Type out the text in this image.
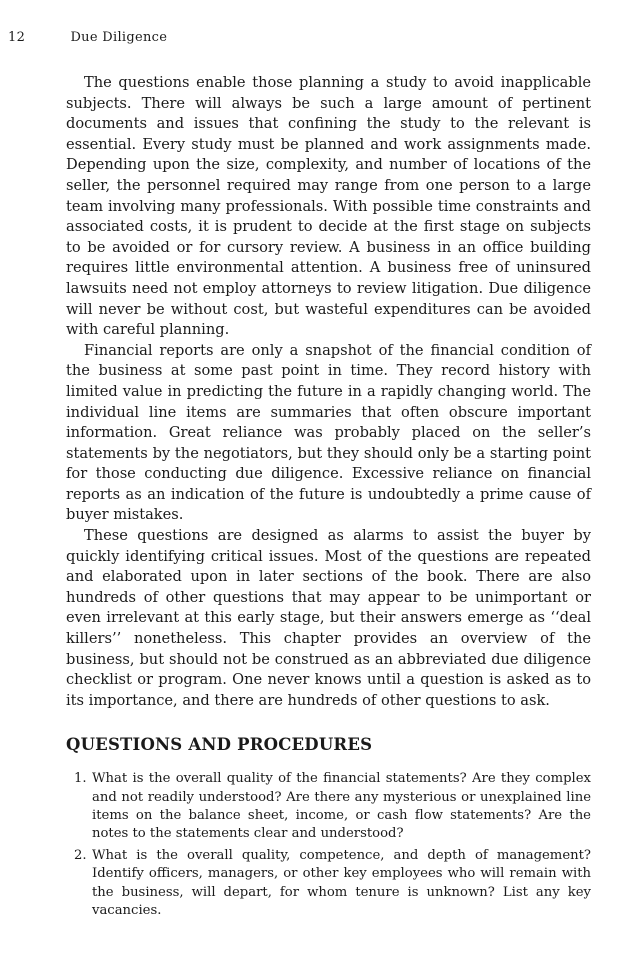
12	Due Diligence

The questions enable those planning a study to avoid inapplicable subjects. There will always be such a large amount of pertinent documents and issues that confining the study to the relevant is essential. Every study must be planned and work assignments made. Depending upon the size, complexity, and number of locations of the seller, the personnel required may range from one person to a large team involving many professionals. With possible time constraints and associated costs, it is prudent to decide at the first stage on subjects to be avoided or for cursory review. A business in an office building requires little environmental attention. A business free of uninsured lawsuits need not employ attorneys to review litigation. Due diligence will never be without cost, but wasteful expenditures can be avoided with careful planning.

Financial reports are only a snapshot of the financial condition of the business at some past point in time. They record history with limited value in predicting the future in a rapidly changing world. The individual line items are summaries that often obscure important information. Great reliance was probably placed on the seller’s statements by the negotiators, but they should only be a starting point for those conducting due diligence. Excessive reliance on financial reports as an indication of the future is undoubtedly a prime cause of buyer mistakes.

These questions are designed as alarms to assist the buyer by quickly identifying critical issues. Most of the questions are repeated and elaborated upon in later sections of the book. There are also hundreds of other questions that may appear to be unimportant or even irrelevant at this early stage, but their answers emerge as ‘‘deal killers’’ nonetheless. This chapter provides an overview of the business, but should not be construed as an abbreviated due diligence checklist or program. One never knows until a question is asked as to its importance, and there are hundreds of other questions to ask.

QUESTIONS AND PROCEDURES
1. What is the overall quality of the financial statements? Are they complex and not readily understood? Are there any mysterious or unexplained line items on the balance sheet, income, or cash flow statements? Are the notes to the statements clear and understood?
2. What is the overall quality, competence, and depth of management? Identify officers, managers, or other key employees who will remain with the business, will depart, for whom tenure is unknown? List any key vacancies.
